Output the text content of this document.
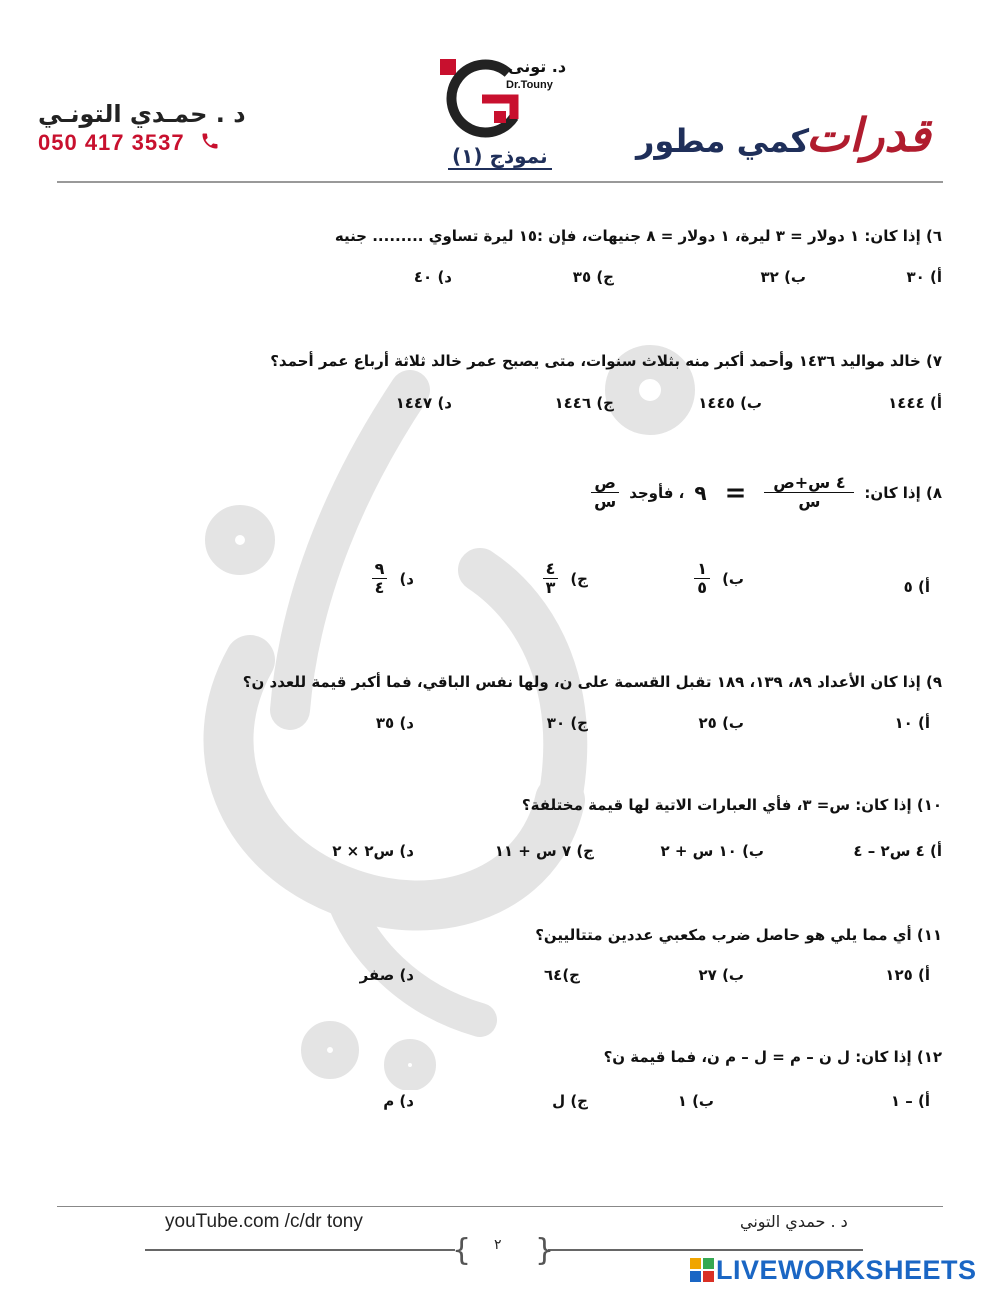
د . حمـدي التونـي
050 417 3537
د. تونى
Dr.Touny
نموذج (١)	قدرات
كمي مطور
٦) إذا كان: ١ دولار = ٣ ليرة، ١ دولار = ٨ جنيهات، فإن :١٥ ليرة تساوي ......... جنيه
أ) ٣٠
ب) ٣٢
ج) ٣٥
د) ٤٠
٧) خالد مواليد ١٤٣٦ وأحمد أكبر منه بثلاث سنوات، متى يصبح عمر خالد ثلاثة أرباع عمر أحمد؟
أ) ١٤٤٤
ب) ١٤٤٥
ج) ١٤٤٦
د) ١٤٤٧
٨) إذا كان:
$\frac{\text{٤ س+ص}}{\text{س}}$
=
٩
، فأوجد
$\frac{\text{ص}}{\text{س}}$
أ) ٥
ب)
$\frac{١}{٥}$
ج)
$\frac{٤}{٣}$
د)
$\frac{٩}{٤}$
٩) إذا كان الأعداد ٨٩، ١٣٩، ١٨٩ تقبل القسمة على ن، ولها نفس الباقي، فما أكبر قيمة للعدد ن؟
أ) ١٠
ب) ٢٥
ج) ٣٠
د) ٣٥
١٠) إذا كان: س= ٣، فأي العبارات الاتية لها قيمة مختلفة؟
أ) ٤ س٢ – ٤
ب) ١٠ س + ٢
ج) ٧ س + ١١
د) س٢ × ٢
١١) أي مما يلي هو حاصل ضرب مكعبي عددين متتاليين؟
أ) ١٢٥
ب) ٢٧
ج)٦٤
د) صفر
١٢) إذا كان: ل ن – م = ل – م ن، فما قيمة ن؟
أ) – ١
ب) ١
ج) ل
د) م
youTube.com /c/dr tony	د . حمدي التوني
{ ٢ }
LIVEWORKSHEETS
